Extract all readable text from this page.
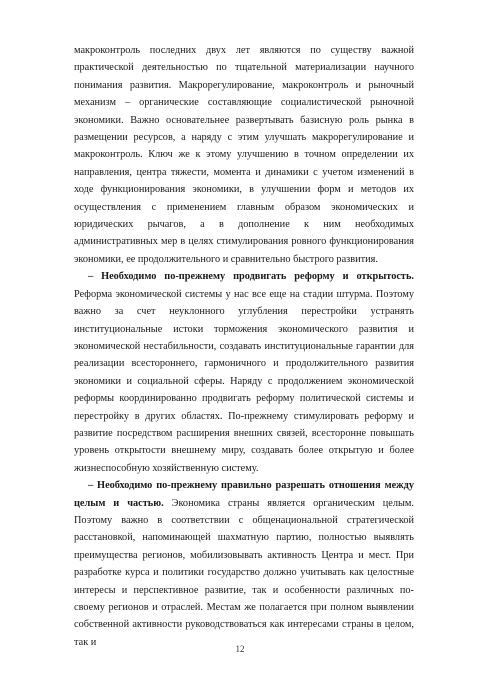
макроконтроль последних двух лет являются по существу важной практической деятельностью по тщательной материализации научного понимания развития. Макрорегулирование, макроконтроль и рыночный механизм – органические составляющие социалистической рыночной экономики. Важно основательнее развертывать базисную роль рынка в размещении ресурсов, а наряду с этим улучшать макрорегулирование и макроконтроль. Ключ же к этому улучшению в точном определении их направления, центра тяжести, момента и динамики с учетом изменений в ходе функционирования экономики, в улучшении форм и методов их осуществления с применением главным образом экономических и юридических рычагов, а в дополнение к ним необходимых административных мер в целях стимулирования ровного функционирования экономики, ее продолжительного и сравнительно быстрого развития.

– Необходимо по-прежнему продвигать реформу и открытость. Реформа экономической системы у нас все еще на стадии штурма. Поэтому важно за счет неуклонного углубления перестройки устранять институциональные истоки торможения экономического развития и экономической нестабильности, создавать институциональные гарантии для реализации всестороннего, гармоничного и продолжительного развития экономики и социальной сферы. Наряду с продолжением экономической реформы координированно продвигать реформу политической системы и перестройку в других областях. По-прежнему стимулировать реформу и развитие посредством расширения внешних связей, всесторонне повышать уровень открытости внешнему миру, создавать более открытую и более жизнеспособную хозяйственную систему.

– Необходимо по-прежнему правильно разрешать отношения между целым и частью. Экономика страны является органическим целым. Поэтому важно в соответствии с общенациональной стратегической расстановкой, напоминающей шахматную партию, полностью выявлять преимущества регионов, мобилизовывать активность Центра и мест. При разработке курса и политики государство должно учитывать как целостные интересы и перспективное развитие, так и особенности различных по-своему регионов и отраслей. Местам же полагается при полном выявлении собственной активности руководствоваться как интересами страны в целом, так и

12
